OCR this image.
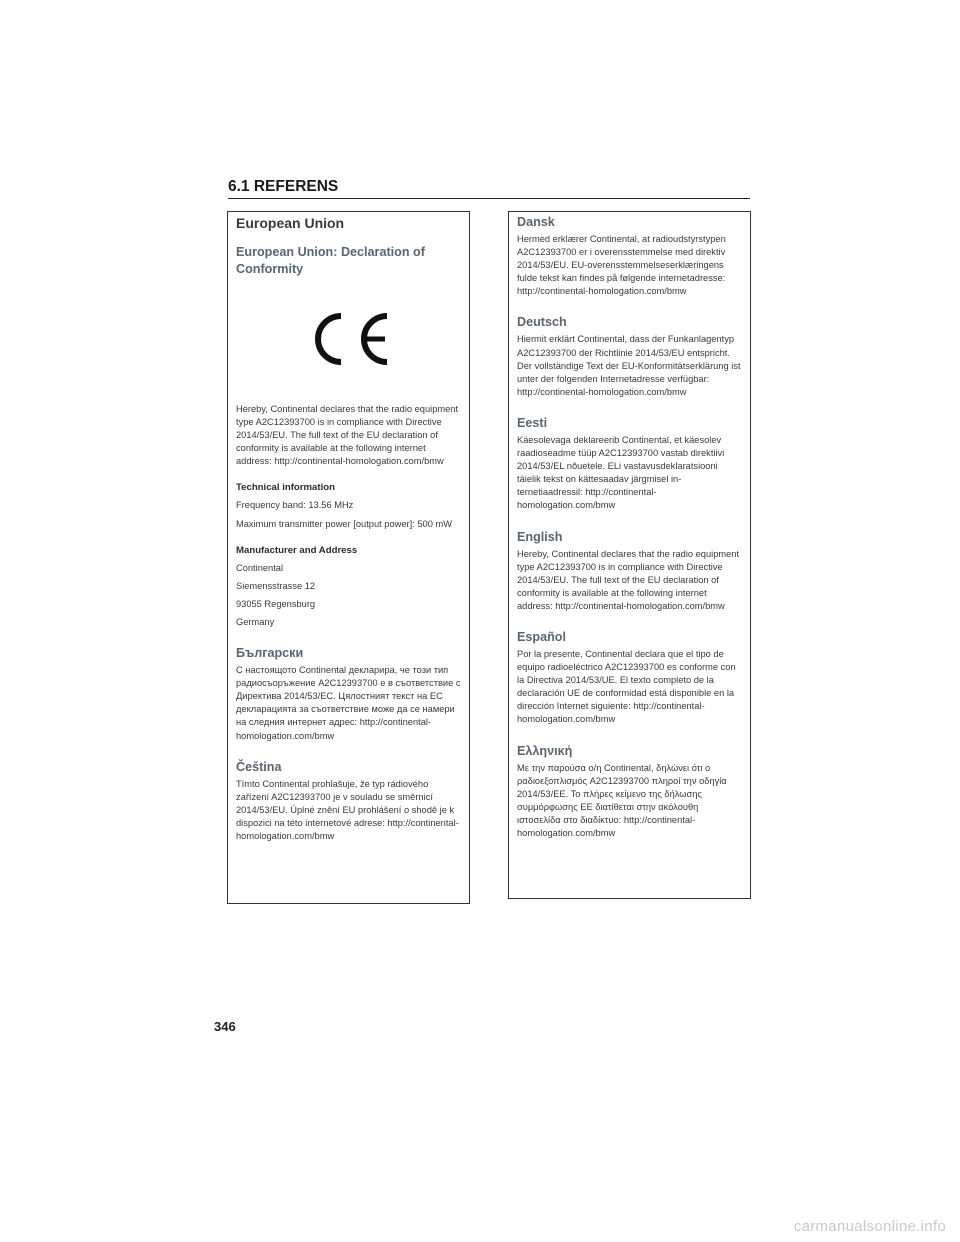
6.1 REFERENS
European Union
European Union: Declaration of Conformity

Hereby, Continental declares that the radio equipment type A2C12393700 is in compliance with Directive 2014/53/EU. The full text of the EU declaration of conformity is available at the following internet address: http://continental-homologation.com/bmw

Technical information

Frequency band: 13.56 MHz

Maximum transmitter power [output power]: 500 mW

Manufacturer and Address

Continental

Siemensstrasse 12

93055 Regensburg

Germany

Български

С настоящото Continental декларира, че този тип радиосъоръжение A2C12393700 е в съответствие с Директива 2014/53/EC. Цялостният текст на ЕС декларацията за съответствие може да се намери на следния интернет адрес: http://continental-homologation.com/bmw

Čeština

Tímto Continental prohlašuje, že typ rádiového zařízení A2C12393700 je v souladu se směrnicí 2014/53/EU. Úplné znění EU prohlášení o shodě je k dispozici na této internetové adrese: http://continental-homologation.com/bmw

Dansk

Hermed erklærer Continental, at radioudstyrstypen A2C12393700 er i overensstemmelse med direktiv 2014/53/EU. EU-overensstemmelseserklæringens fulde tekst kan findes på følgende internetadresse: http://continental-homologation.com/bmw

Deutsch

Hiermit erklärt Continental, dass der Funkanlagentyp A2C12393700 der Richtlinie 2014/53/EU entspricht. Der vollständige Text der EU-Konformitätserklärung ist unter der folgenden Internetadresse verfügbar: http://continental-homologation.com/bmw

Eesti

Käesolevaga deklareerib Continental, et käesolev raadioseadme tüüp A2C12393700 vastab direktiivi 2014/53/EL nõuetele. ELi vastavusdeklaratsiooni täielik tekst on kättesaadav järgmisel internetiaadressil: http://continental-homologation.com/bmw

English

Hereby, Continental declares that the radio equipment type A2C12393700 is in compliance with Directive 2014/53/EU. The full text of the EU declaration of conformity is available at the following internet address: http://continental-homologation.com/bmw

Español

Por la presente, Continental declara que el tipo de equipo radioeléctrico A2C12393700 es conforme con la Directiva 2014/53/UE. El texto completo de la declaración UE de conformidad está disponible en la dirección Internet siguiente: http://continental-homologation.com/bmw

Ελληνική

Με την παρούσα ο/η Continental, δηλώνει ότι ο ραδιοεξοπλισμός A2C12393700 πληροί την οδηγία 2014/53/ΕΕ. Το πλήρες κείμενο της δήλωσης συμμόρφωσης ΕΕ διατίθεται στην ακόλουθη ιστοσελίδα στο διαδίκτυο: http://continental-homologation.com/bmw

346

carmanualsonline.info
